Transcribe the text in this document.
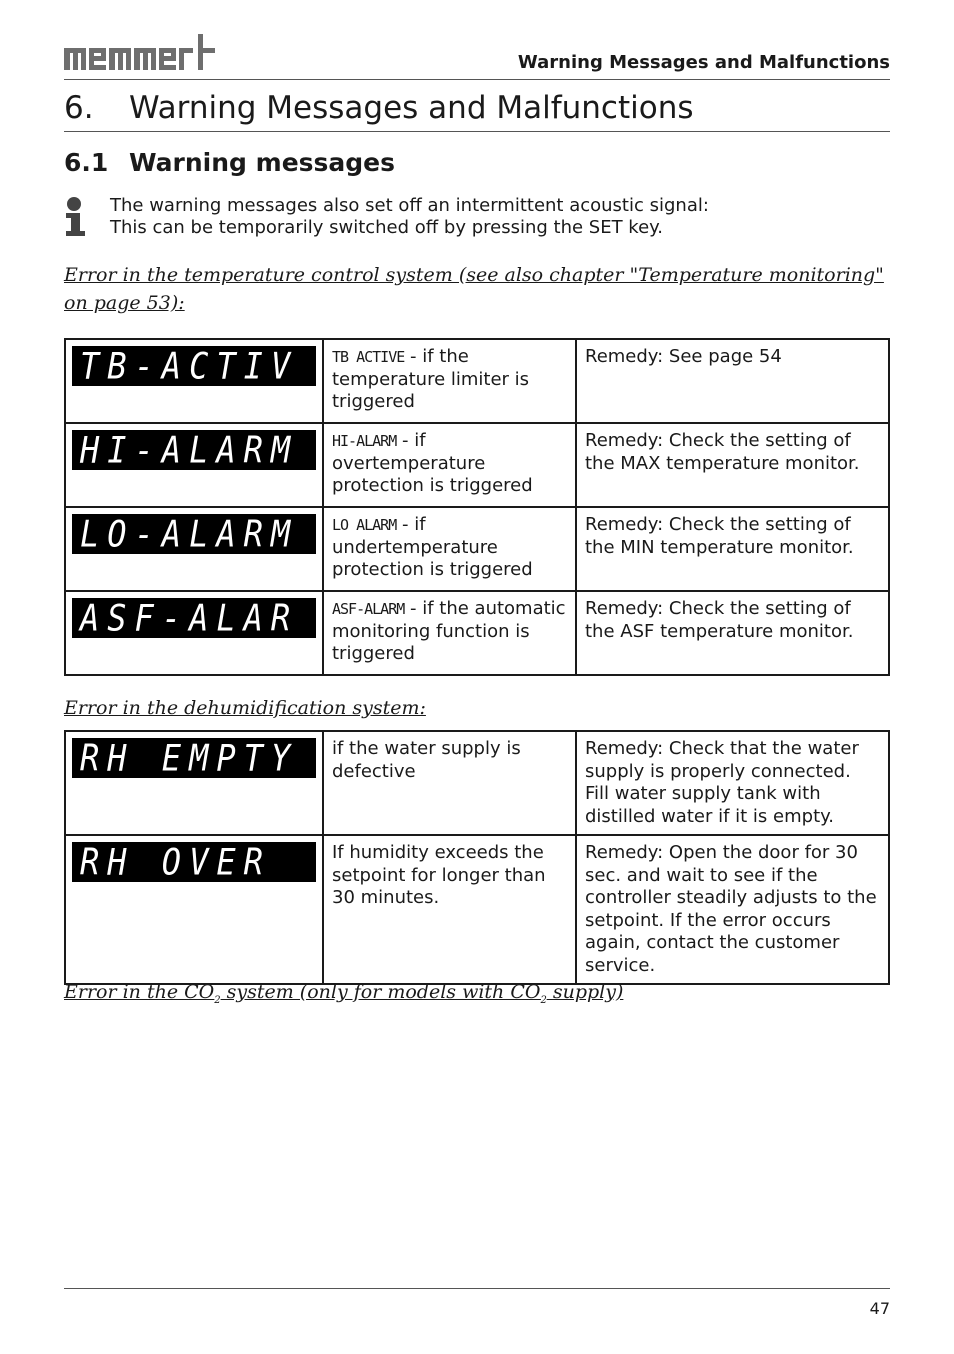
Warning Messages and Malfunctions
6. Warning Messages and Malfunctions
6.1 Warning messages
The warning messages also set off an intermittent acoustic signal:
This can be temporarily switched off by pressing the SET key.
Error in the temperature control system (see also chapter "Temperature monitoring" on page 53):
TB-ACTIV	TB ACTIVE - if the temperature limiter is triggered	Remedy: See page 54

HI-ALARM	HI-ALARM - if overtemperature protection is triggered	Remedy: Check the setting of the MAX temperature monitor.

LO-ALARM	LO ALARM - if undertemperature protection is triggered	Remedy: Check the setting of the MIN temperature monitor.

ASF-ALAR	ASF-ALARM - if the automatic monitoring function is triggered	Remedy: Check the setting of the ASF temperature monitor.
Error in the dehumidification system:
RH EMPTY	if the water supply is defective	Remedy: Check that the water supply is properly connected. Fill water supply tank with distilled water if it is empty.

RH OVER	If humidity exceeds the setpoint for longer than 30 minutes.	Remedy: Open the door for 30 sec. and wait to see if the controller steadily adjusts to the setpoint. If the error occurs again, contact the customer service.
Error in the $CO_2$ system (only for models with $CO_2$ supply)
47
